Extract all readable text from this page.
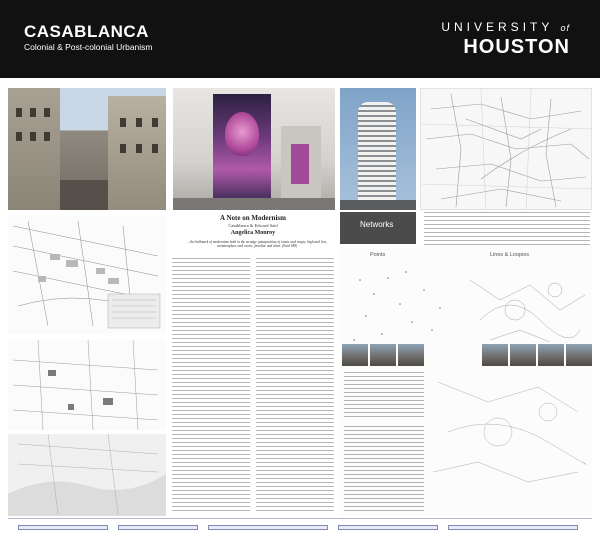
CASABLANCA
Colonial & Post-colonial Urbanism
UNIVERSITY of
HOUSTON
Networks
A Note on Modernism
Casablanca & Edward Said
Angelica Monroy
...the hallmark of modernism both in the strange juxtaposition of comic and tragic, high and low, commonplace and exotic, familiar and alien. (Said 188)
Points	Lines & Loopies
